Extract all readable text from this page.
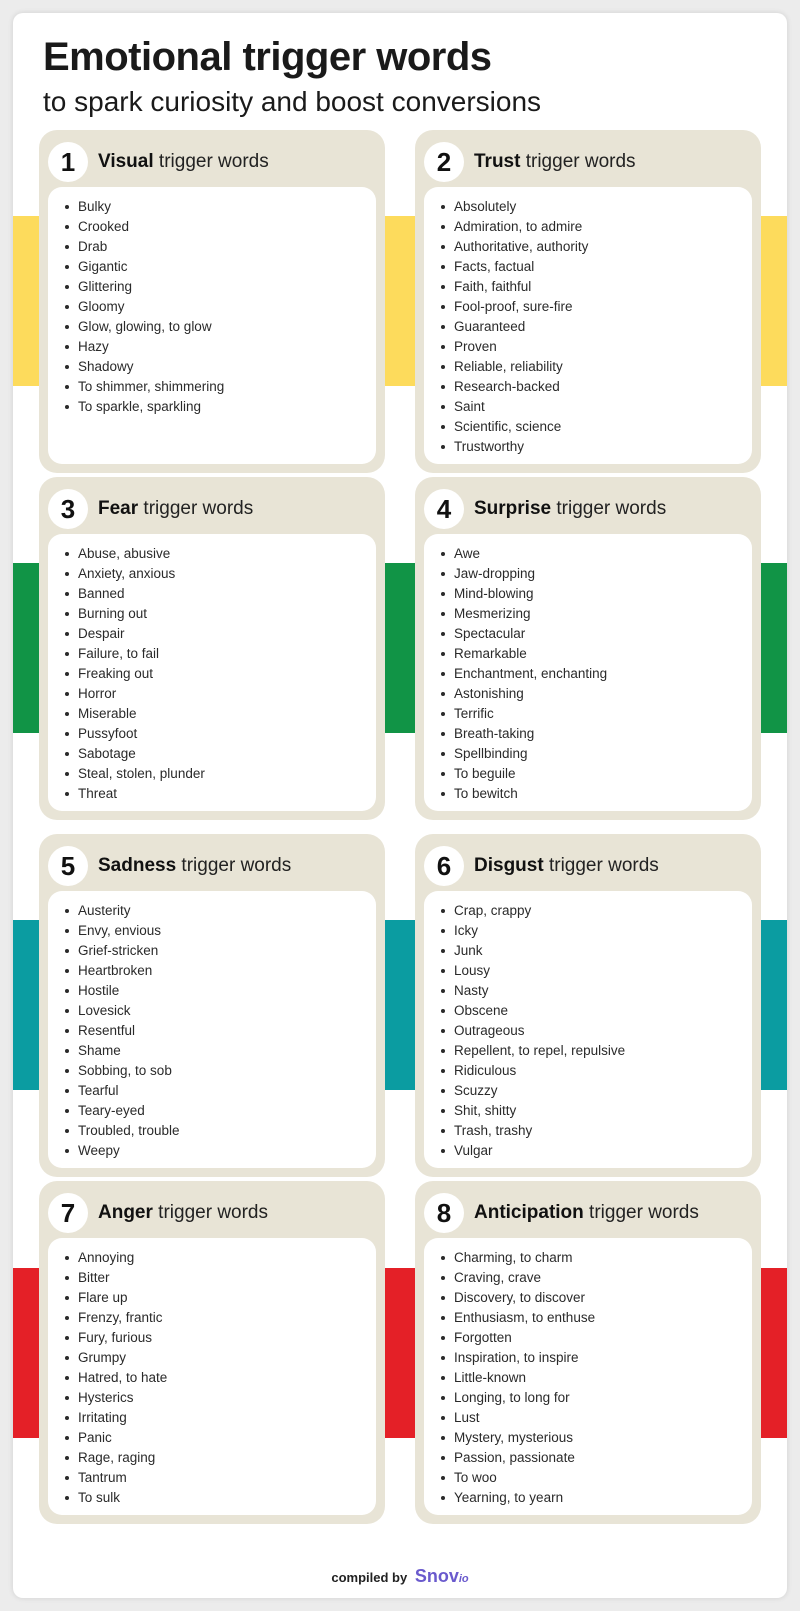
Emotional trigger words
to spark curiosity and boost conversions
1	Visual trigger words
Bulky
Crooked
Drab
Gigantic
Glittering
Gloomy
Glow, glowing, to glow
Hazy
Shadowy
To shimmer, shimmering
To sparkle, sparkling
2	Trust trigger words
Absolutely
Admiration, to admire
Authoritative, authority
Facts, factual
Faith, faithful
Fool-proof, sure-fire
Guaranteed
Proven
Reliable, reliability
Research-backed
Saint
Scientific, science
Trustworthy
3	Fear trigger words
Abuse, abusive
Anxiety, anxious
Banned
Burning out
Despair
Failure, to fail
Freaking out
Horror
Miserable
Pussyfoot
Sabotage
Steal, stolen, plunder
Threat
4	Surprise trigger words
Awe
Jaw-dropping
Mind-blowing
Mesmerizing
Spectacular
Remarkable
Enchantment, enchanting
Astonishing
Terrific
Breath-taking
Spellbinding
To beguile
To bewitch
5	Sadness trigger words
Austerity
Envy, envious
Grief-stricken
Heartbroken
Hostile
Lovesick
Resentful
Shame
Sobbing, to sob
Tearful
Teary-eyed
Troubled, trouble
Weepy
6	Disgust trigger words
Crap, crappy
Icky
Junk
Lousy
Nasty
Obscene
Outrageous
Repellent, to repel, repulsive
Ridiculous
Scuzzy
Shit, shitty
Trash, trashy
Vulgar
7	Anger trigger words
Annoying
Bitter
Flare up
Frenzy, frantic
Fury, furious
Grumpy
Hatred, to hate
Hysterics
Irritating
Panic
Rage, raging
Tantrum
To sulk
8	Anticipation trigger words
Charming, to charm
Craving, crave
Discovery, to discover
Enthusiasm, to enthuse
Forgotten
Inspiration, to inspire
Little-known
Longing, to long for
Lust
Mystery, mysterious
Passion, passionate
To woo
Yearning, to yearn
compiled by Snovio
